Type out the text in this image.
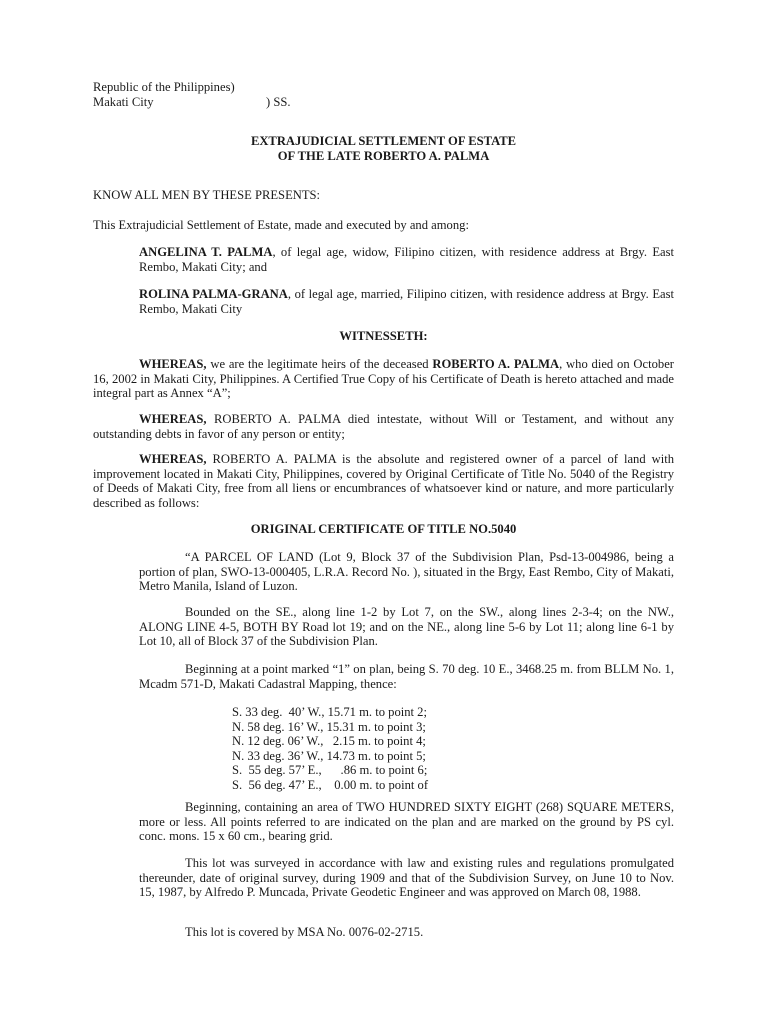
Republic of the Philippines)
Makati City	) SS.
EXTRAJUDICIAL SETTLEMENT OF ESTATE
OF THE LATE ROBERTO A. PALMA
KNOW ALL MEN BY THESE PRESENTS:
This Extrajudicial Settlement of Estate, made and executed by and among:
ANGELINA T. PALMA, of legal age, widow, Filipino citizen, with residence address at Brgy. East Rembo, Makati City; and
ROLINA PALMA-GRANA, of legal age, married, Filipino citizen, with residence address at Brgy. East Rembo, Makati City
WITNESSETH:
WHEREAS, we are the legitimate heirs of the deceased ROBERTO A. PALMA, who died on October 16, 2002 in Makati City, Philippines. A Certified True Copy of his Certificate of Death is hereto attached and made integral part as Annex “A”;
WHEREAS, ROBERTO A. PALMA died intestate, without Will or Testament, and without any outstanding debts in favor of any person or entity;
WHEREAS, ROBERTO A. PALMA is the absolute and registered owner of a parcel of land with improvement located in Makati City, Philippines, covered by Original Certificate of Title No. 5040 of the Registry of Deeds of Makati City, free from all liens or encumbrances of whatsoever kind or nature, and more particularly described as follows:
ORIGINAL CERTIFICATE OF TITLE NO.5040
“A PARCEL OF LAND (Lot 9, Block 37 of the Subdivision Plan, Psd-13-004986, being a portion of plan, SWO-13-000405, L.R.A. Record No. ), situated in the Brgy, East Rembo, City of Makati, Metro Manila, Island of Luzon.
Bounded on the SE., along line 1-2 by Lot 7, on the SW., along lines 2-3-4; on the NW., ALONG LINE 4-5, BOTH BY Road lot 19; and on the NE., along line 5-6 by Lot 11; along line 6-1 by Lot 10, all of Block 37 of the Subdivision Plan.
Beginning at a point marked “1” on plan, being S. 70 deg. 10 E., 3468.25 m. from BLLM No. 1, Mcadm 571-D, Makati Cadastral Mapping, thence:
S. 33 deg.  40’ W., 15.71 m. to point 2;
N. 58 deg. 16’ W., 15.31 m. to point 3;
N. 12 deg. 06’ W.,   2.15 m. to point 4;
N. 33 deg. 36’ W., 14.73 m. to point 5;
S.  55 deg. 57’ E.,      .86 m. to point 6;
S.  56 deg. 47’ E.,    0.00 m. to point of
Beginning, containing an area of TWO HUNDRED SIXTY EIGHT (268) SQUARE METERS, more or less. All points referred to are indicated on the plan and are marked on the ground by PS cyl. conc. mons. 15 x 60 cm., bearing grid.
This lot was surveyed in accordance with law and existing rules and regulations promulgated thereunder, date of original survey, during 1909 and that of the Subdivision Survey, on June 10 to Nov. 15, 1987, by Alfredo P. Muncada, Private Geodetic Engineer and was approved on March 08, 1988.
This lot is covered by MSA No. 0076-02-2715.
